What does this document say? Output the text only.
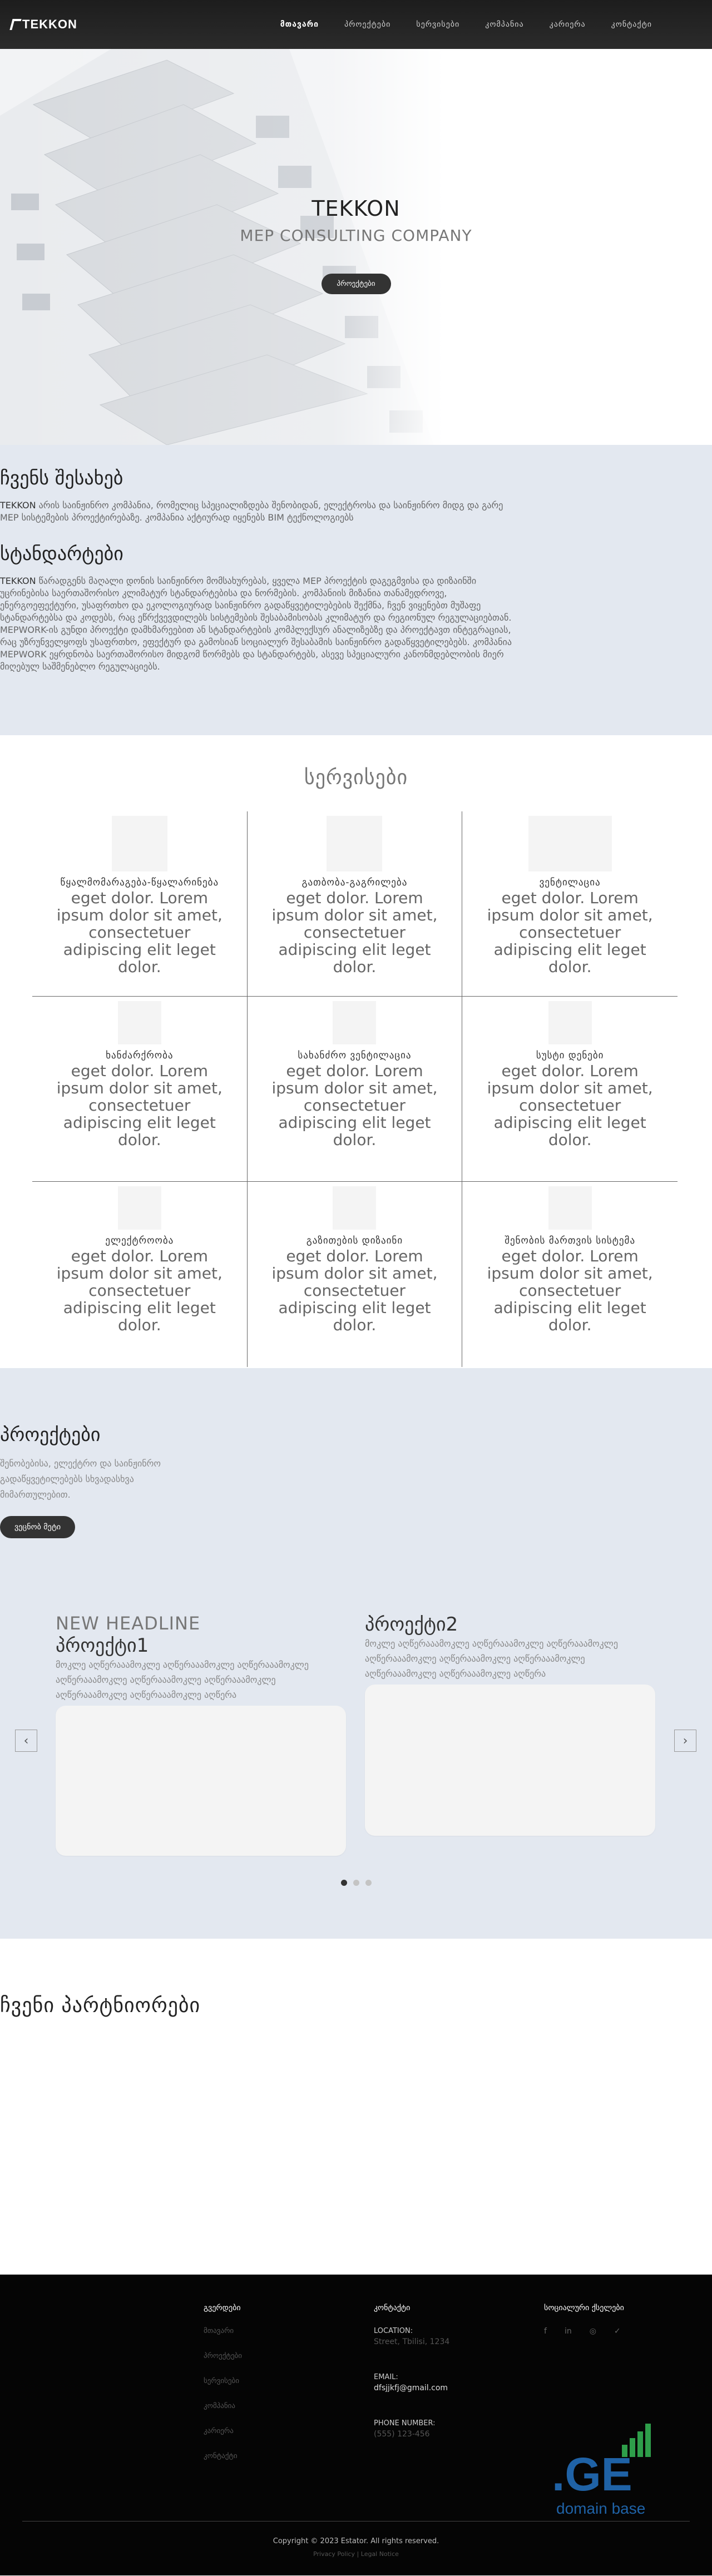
TEKKON	მთავარი	პროექტები	სერვისები	კომპანია	კარიერა	კონტაქტი
TEKKON
MEP CONSULTING COMPANY
პროექტები
ჩვენს შესახებ

TEKKON არის საინჟინრო კომპანია, რომელიც სპეციალიზდება შენობიდან, ელექტროსა და საინჟინრო მიდგ და გარე MEP სისტემების პროექტირებაზე. კომპანია აქტიურად იყენებს BIM ტექნოლოგიებს

სტანდარტები

TEKKON წარადგენს მაღალი დონის საინჟინრო მომსახურებას, ყველა MEP პროექტის დაგეგმვისა და დიზაინში უცრინებისა საერთაშორისო კლიმატურ სტანდარტებისა და ნორმების. კომპანიის მიზანია თანამედროვე, ენერგოეფექტური, უსაფრთხო და ეკოლოგიურად საინჟინრო გადაწყვეტილებების შექმნა, ჩვენ ვიყენებთ მუშაფე სტანდარტებსა და კოდებს, რაც ეწრქვევდილებს სისტემების შესაბამისობას კლიმატურ და რეგიონულ რეგულაციებთან. MEPWORK-ის გუნდი პროექტი დამხმარეებით ან სტანდარტების კომპლექსურ ანალიზებზე და პროექტავთ ინტეგრაციას, რაც უზრუნველყოფს უსაფრთხო, ეფექტურ და გამოსიან სოციალურ შესაბამის საინჟინრო გადაწყვეტილებებს. კომპანია MEPWORK ეყრდნობა საერთაშორისო მიდგომ წორმებს და სტანდარტებს, ასევე სპეციალური კანონმდებლობის მიერ მიღებულ საშმენებლო რეგულაციებს.

სერვისები
წყალმომარაგება-წყალარინება
eget dolor. Lorem ipsum dolor sit amet, consectetuer adipiscing elit leget dolor.
გათბობა-გაგრილება
eget dolor. Lorem ipsum dolor sit amet, consectetuer adipiscing elit leget dolor.
ვენტილაცია
eget dolor. Lorem ipsum dolor sit amet, consectetuer adipiscing elit leget dolor.
ხანძარქრობა
eget dolor. Lorem ipsum dolor sit amet, consectetuer adipiscing elit leget dolor.
სახანძრო ვენტილაცია
eget dolor. Lorem ipsum dolor sit amet, consectetuer adipiscing elit leget dolor.
სუსტი დენები
eget dolor. Lorem ipsum dolor sit amet, consectetuer adipiscing elit leget dolor.
ელექტროობა
eget dolor. Lorem ipsum dolor sit amet, consectetuer adipiscing elit leget dolor.
გაზითების დიზაინი
eget dolor. Lorem ipsum dolor sit amet, consectetuer adipiscing elit leget dolor.
შენობის მართვის სისტემა
eget dolor. Lorem ipsum dolor sit amet, consectetuer adipiscing elit leget dolor.
პროექტები
შენობებისა, ელექტრო და საინჟინრო გადაწყვეტილებებს სხვადასხვა მიმართულებით.
ვეცნობ მეტი
‹
NEW HEADLINE
პროექტი1
მოკლე აღწერააამოკლე აღწერააამოკლე აღწერააამოკლე აღწერააამოკლე აღწერააამოკლე აღწერააამოკლე აღწერააამოკლე აღწერააამოკლე აღწერა
პროექტი2
მოკლე აღწერააამოკლე აღწერააამოკლე აღწერააამოკლე აღწერააამოკლე აღწერააამოკლე აღწერააამოკლე აღწერააამოკლე აღწერააამოკლე აღწერა
›
ჩვენი პარტნიორები
გვერდები
მთავარი
პროექტები
სერვისები
კომპანია
კარიერა
კონტაქტი
კონტაქტი
LOCATION:
Street, Tbilisi, 1234
EMAIL:
dfsjjkfj@gmail.com
PHONE NUMBER:
(555) 123-456
სოციალური ქსელები
f in ◎ ✓
.GE
domain base
Copyright © 2023 Estator. All rights reserved.
Privacy Policy | Legal Notice
